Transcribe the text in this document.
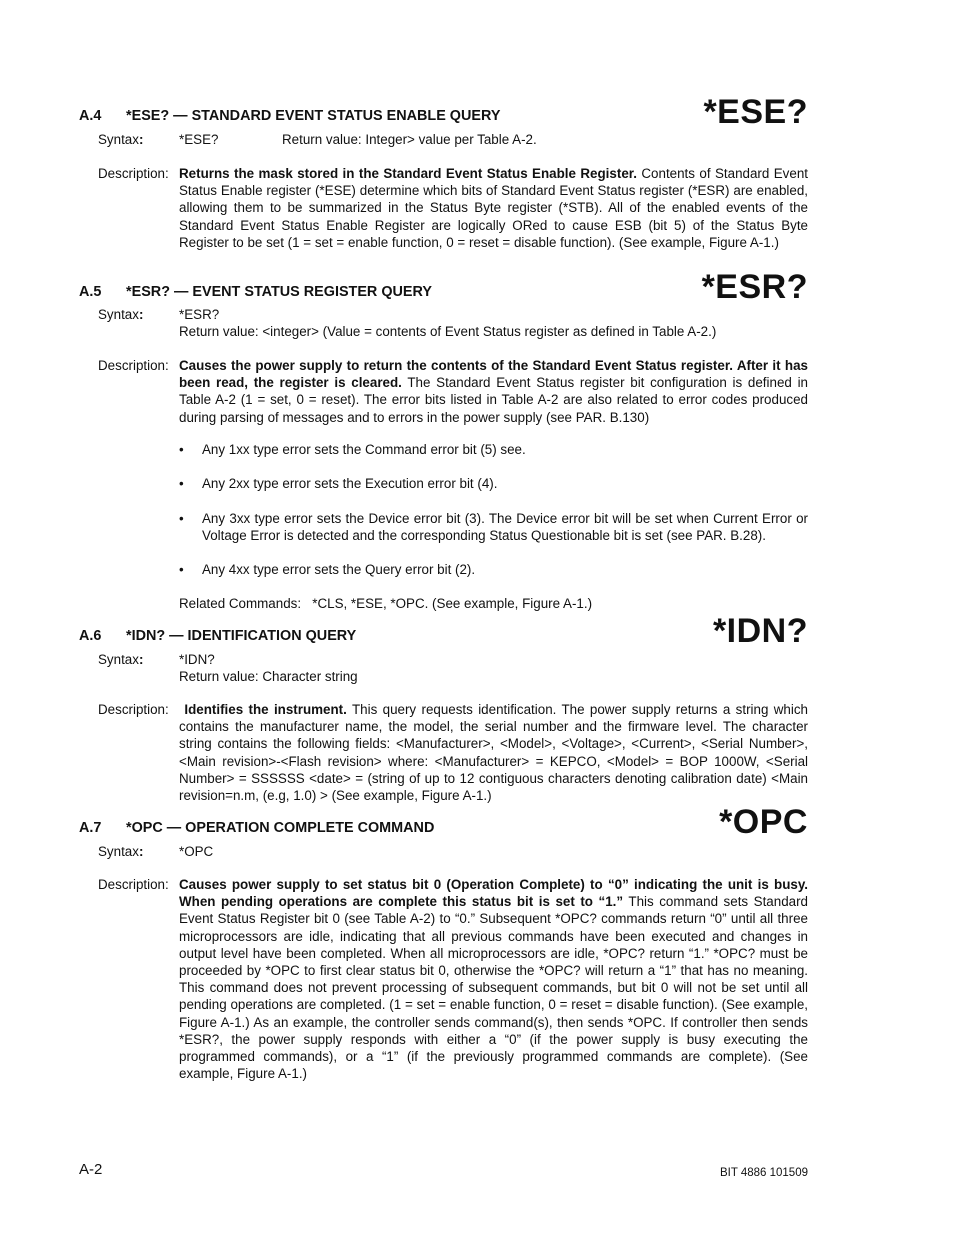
*ESE?
A.4 *ESE? — STANDARD EVENT STATUS ENABLE QUERY
Syntax:	*ESE?	Return value: Integer> value per Table A-2.
Description: Returns the mask stored in the Standard Event Status Enable Register. Contents of Standard Event Status Enable register (*ESE) determine which bits of Standard Event Status register (*ESR) are enabled, allowing them to be summarized in the Status Byte register (*STB). All of the enabled events of the Standard Event Status Enable Register are logically ORed to cause ESB (bit 5) of the Status Byte Register to be set (1 = set = enable function, 0 = reset = disable function). (See example, Figure A-1.)
*ESR?
A.5 *ESR? — EVENT STATUS REGISTER QUERY
Syntax:	*ESR?
Return value: <integer> (Value = contents of Event Status register as defined in Table A-2.)
Description: Causes the power supply to return the contents of the Standard Event Status register. After it has been read, the register is cleared. The Standard Event Status register bit configuration is defined in Table A-2 (1 = set, 0 = reset). The error bits listed in Table A-2 are also related to error codes produced during parsing of messages and to errors in the power supply (see PAR. B.130)
• Any 1xx type error sets the Command error bit (5) see.
• Any 2xx type error sets the Execution error bit (4).
• Any 3xx type error sets the Device error bit (3). The Device error bit will be set when Current Error or Voltage Error is detected and the corresponding Status Questionable bit is set (see PAR. B.28).
• Any 4xx type error sets the Query error bit (2).
Related Commands: *CLS, *ESE, *OPC. (See example, Figure A-1.)
*IDN?
A.6 *IDN? — IDENTIFICATION QUERY
Syntax:	*IDN?
Return value: Character string
Description:	Identifies the instrument. This query requests identification. The power supply returns a string which contains the manufacturer name, the model, the serial number and the firmware level. The character string contains the following fields: <Manufacturer>, <Model>, <Voltage>, <Current>, <Serial Number>, <Main revision>-<Flash revision> where: <Manufacturer> = KEPCO, <Model> = BOP 1000W, <Serial Number> = SSSSSS <date> = (string of up to 12 contiguous characters denoting calibration date) <Main revision=n.m, (e.g, 1.0) > (See example, Figure A-1.)
*OPC
A.7 *OPC — OPERATION COMPLETE COMMAND
Syntax:	*OPC
Description: Causes power supply to set status bit 0 (Operation Complete) to “0” indicating the unit is busy. When pending operations are complete this status bit is set to “1.” This command sets Standard Event Status Register bit 0 (see Table A-2) to “0.” Subsequent *OPC? commands return “0” until all three microprocessors are idle, indicating that all previous commands have been executed and changes in output level have been completed. When all microprocessors are idle, *OPC? return “1.” *OPC? must be proceeded by *OPC to first clear status bit 0, otherwise the *OPC? will return a “1” that has no meaning. This command does not prevent processing of subsequent commands, but bit 0 will not be set until all pending operations are completed. (1 = set = enable function, 0 = reset = disable function). (See example, Figure A-1.) As an example, the controller sends command(s), then sends *OPC. If controller then sends *ESR?, the power supply responds with either a “0” (if the power supply is busy executing the programmed commands), or a “1” (if the previously programmed commands are complete). (See example, Figure A-1.)
A-2	BIT 4886 101509
